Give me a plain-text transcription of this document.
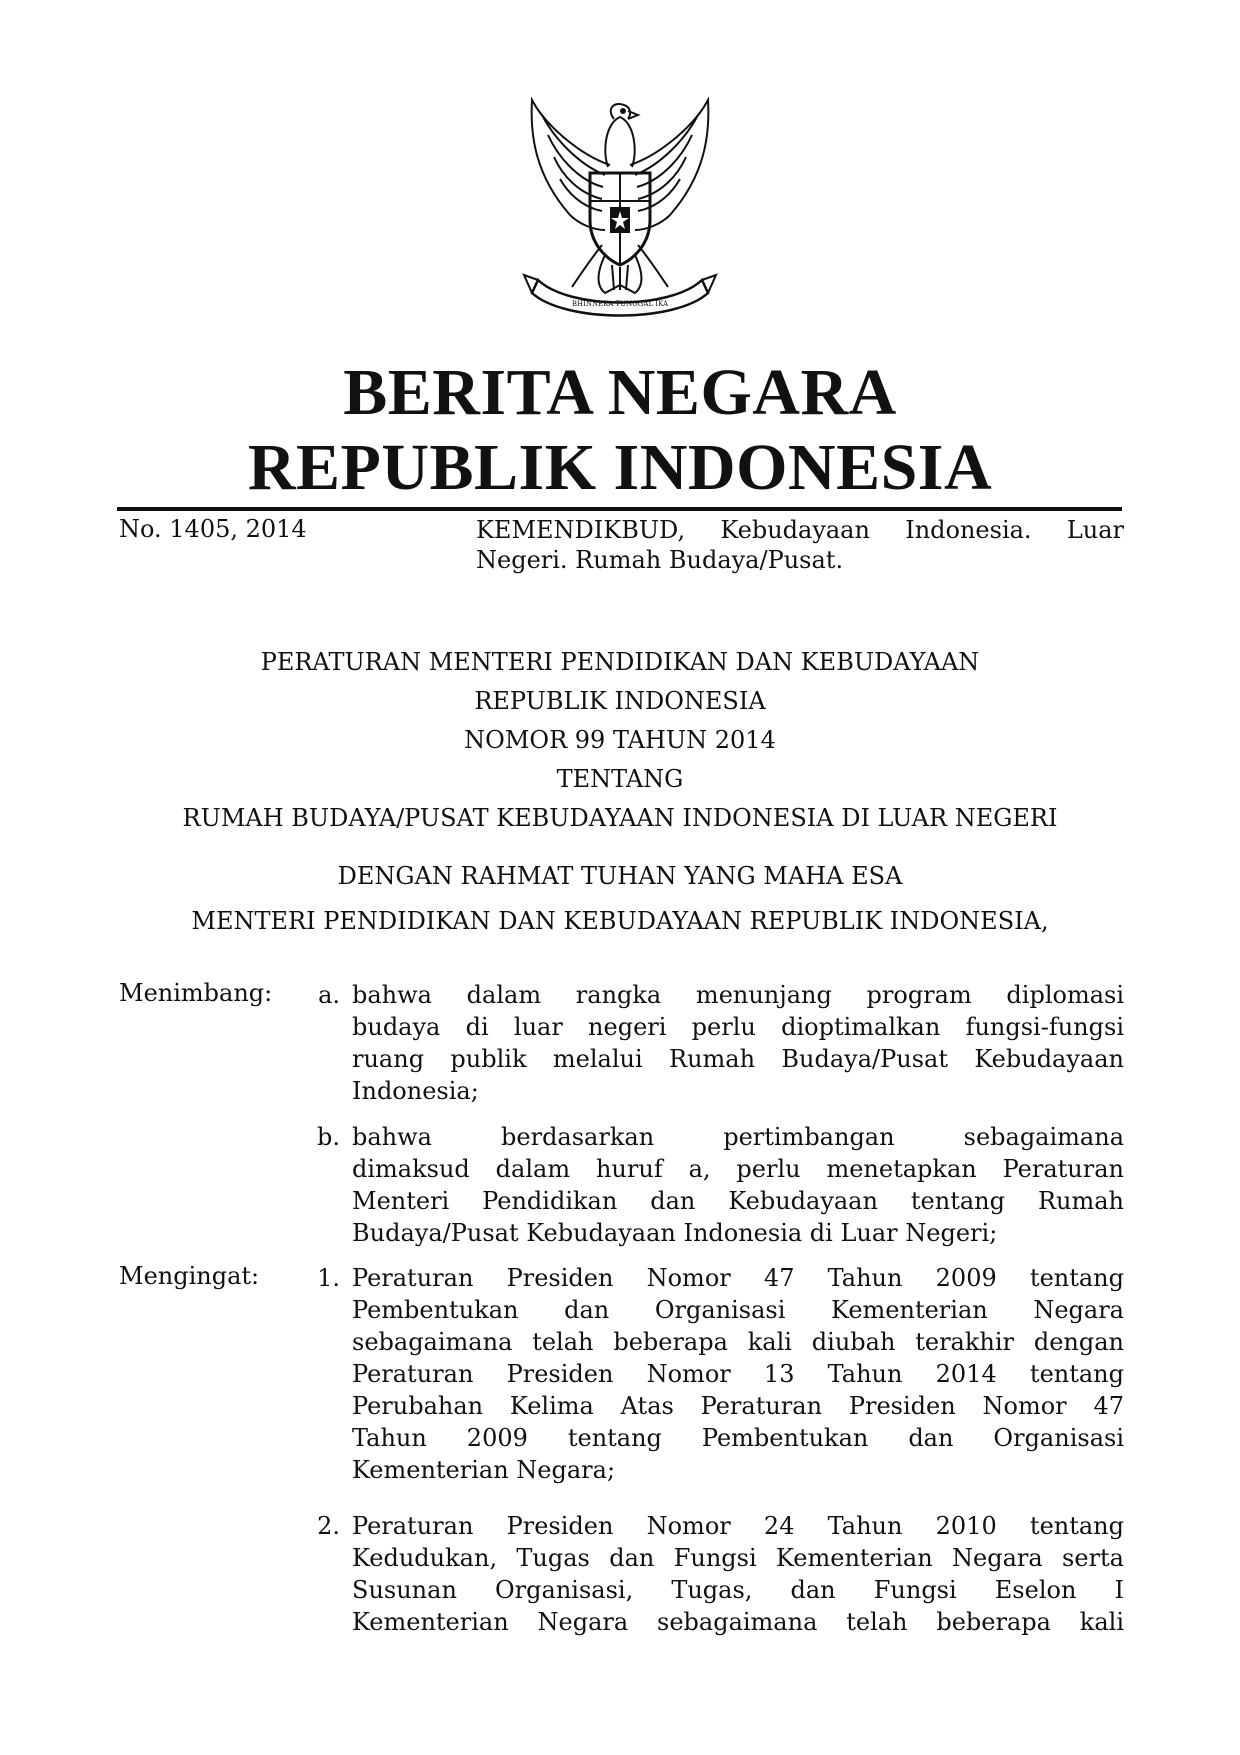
BHINNEKA TUNGGAL IKA
BERITA NEGARA
REPUBLIK INDONESIA
No. 1405, 2014	KEMENDIKBUD, Kebudayaan Indonesia. Luar
Negeri. Rumah Budaya/Pusat.
PERATURAN MENTERI PENDIDIKAN DAN KEBUDAYAAN
REPUBLIK INDONESIA
NOMOR 99 TAHUN 2014
TENTANG
RUMAH BUDAYA/PUSAT KEBUDAYAAN INDONESIA DI LUAR NEGERI
DENGAN RAHMAT TUHAN YANG MAHA ESA
MENTERI PENDIDIKAN DAN KEBUDAYAAN REPUBLIK INDONESIA,
Menimbang:	a. bahwa dalam rangka menunjang program diplomasi
budaya di luar negeri perlu dioptimalkan fungsi-fungsi
ruang publik melalui Rumah Budaya/Pusat Kebudayaan
Indonesia;
b. bahwa berdasarkan pertimbangan sebagaimana
dimaksud dalam huruf a, perlu menetapkan Peraturan
Menteri Pendidikan dan Kebudayaan tentang Rumah
Budaya/Pusat Kebudayaan Indonesia di Luar Negeri;
Mengingat:	1. Peraturan Presiden Nomor 47 Tahun 2009 tentang
Pembentukan dan Organisasi Kementerian Negara
sebagaimana telah beberapa kali diubah terakhir dengan
Peraturan Presiden Nomor 13 Tahun 2014 tentang
Perubahan Kelima Atas Peraturan Presiden Nomor 47
Tahun 2009 tentang Pembentukan dan Organisasi
Kementerian Negara;
2. Peraturan Presiden Nomor 24 Tahun 2010 tentang
Kedudukan, Tugas dan Fungsi Kementerian Negara serta
Susunan Organisasi, Tugas, dan Fungsi Eselon I
Kementerian Negara sebagaimana telah beberapa kali
